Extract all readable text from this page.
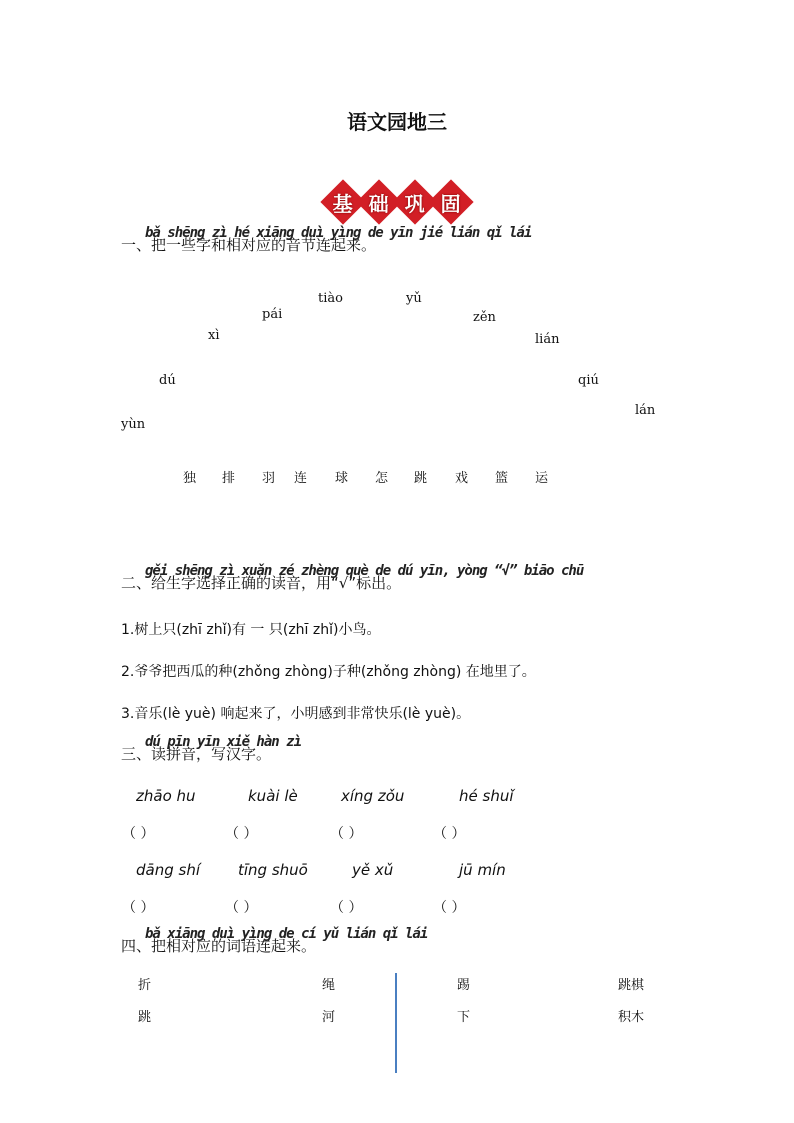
语文园地三
基 础 巩 固
一、把一些字和相对应的音节连起来。
bǎ shēng zì hé xiāng duì yìng de yīn jié lián qǐ lái
tiào	yǔ
pái	zěn
xì	lián
dú	qiú
lán
yùn
独 排 羽 连 球 怎 跳 戏 篮 运
二、给生字选择正确的读音，用“√”标出。
gěi shēng zì xuǎn zé zhèng què de dú yīn, yòng “√” biāo chū
1.树上只(zhī zhǐ)有 一 只(zhī zhǐ)小鸟。
2.爷爷把西瓜的种(zhǒng zhòng)子种(zhǒng zhòng) 在地里了。
3.音乐(lè yuè) 响起来了，小明感到非常快乐(lè yuè)。
三、读拼音，写汉字。
dú pīn yīn xiě hàn zì
zhāo hu	kuài lè	xíng zǒu	hé shuǐ
（ ）	（ ）	（ ）	（ ）
dāng shí	tīng shuō	yě xǔ	jū mín
（ ）	（ ）	（ ）	（ ）
四、把相对应的词语连起来。
bǎ xiāng duì yìng de cí yǔ lián qǐ lái
折	绳
跳	河
踢	跳棋
下	积木
